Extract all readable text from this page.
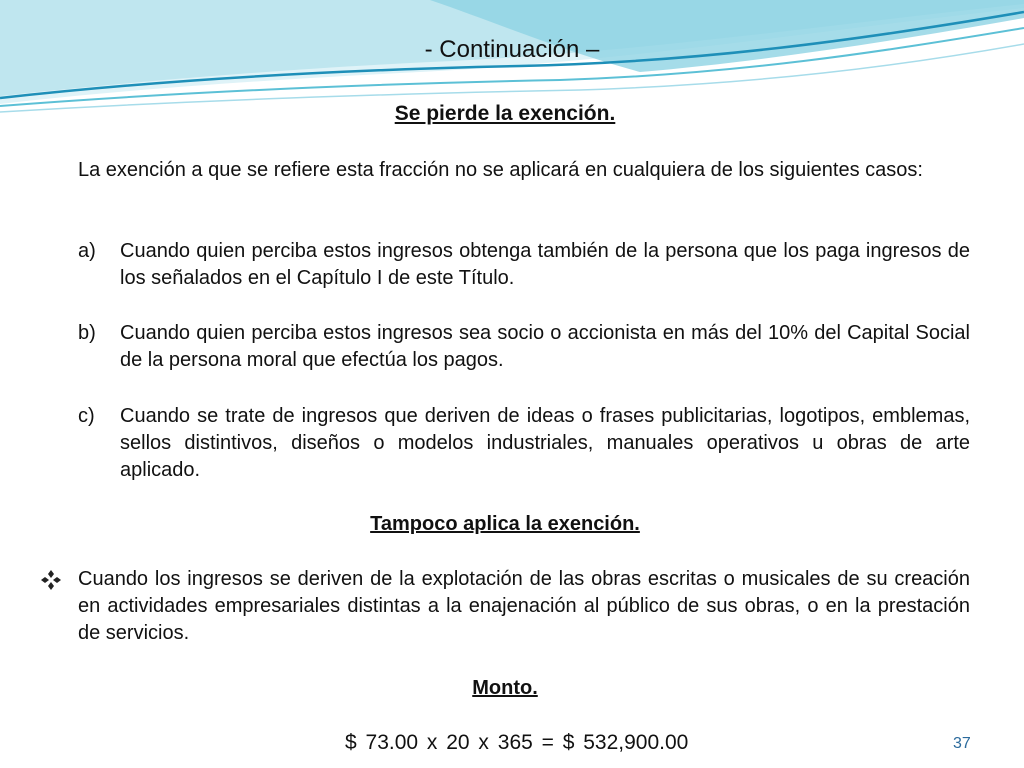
- Continuación –
Se pierde la exención.
La exención a que se refiere esta fracción no se aplicará en cualquiera de los siguientes casos:
a) Cuando quien perciba estos ingresos obtenga también de la persona que los paga ingresos de los señalados en el Capítulo I de este Título.
b) Cuando quien perciba estos ingresos sea socio o accionista en más del 10% del Capital Social de la persona moral que efectúa los pagos.
c) Cuando se trate de ingresos que deriven de ideas o frases publicitarias, logotipos, emblemas, sellos distintivos, diseños o modelos industriales, manuales operativos u obras de arte aplicado.
Tampoco aplica la exención.
Cuando los ingresos se deriven de la explotación de las obras escritas o musicales de su creación en actividades empresariales distintas a la enajenación al público de sus obras, o en la prestación de servicios.
Monto.
$ 73.00 x 20 x 365 = $ 532,900.00	37
